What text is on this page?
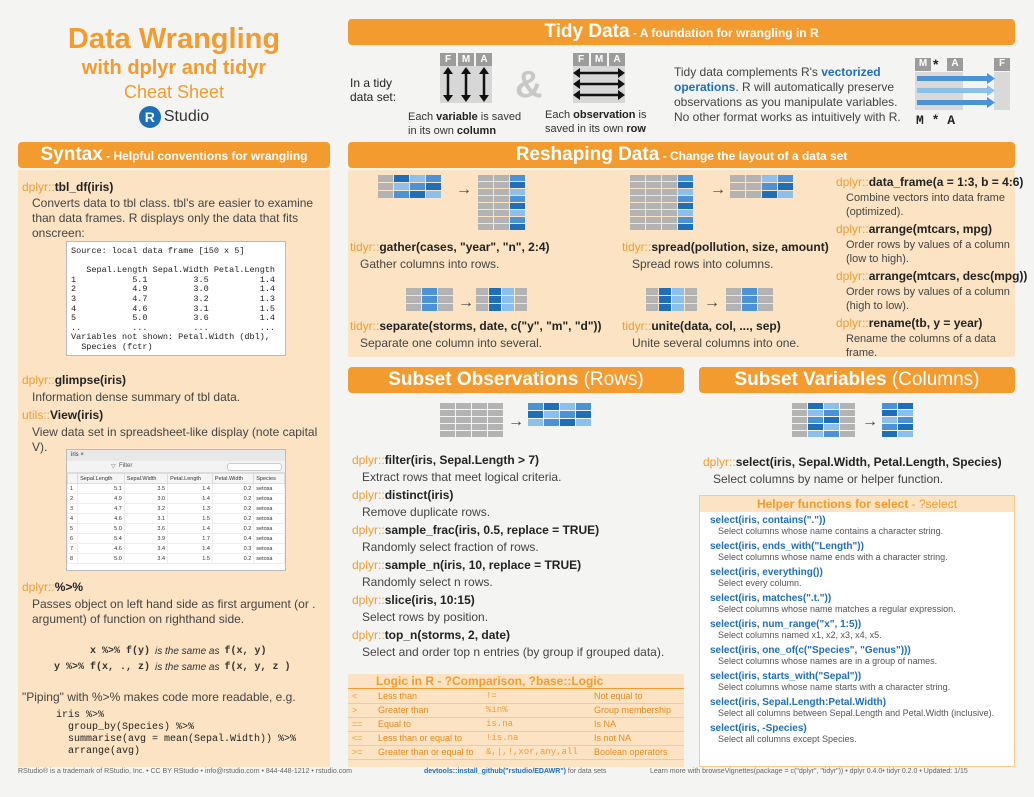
Data Wrangling
with dplyr and tidyr
Cheat Sheet
R Studio
Syntax - Helpful conventions for wrangling
dplyr::tbl_df(iris)
Converts data to tbl class. tbl's are easier to examine than data frames. R displays only the data that fits onscreen:
Source: local data frame [150 x 5]

Sepal.Length Sepal.Width Petal.Length
1           5.1         3.5          1.4
2           4.9         3.0          1.4
3           4.7         3.2          1.3
4           4.6         3.1          1.5
5           5.0         3.6          1.4
..          ...         ...          ...
Variables not shown: Petal.Width (dbl),
Species (fctr)
dplyr::glimpse(iris)
Information dense summary of tbl data.
utils::View(iris)
View data set in spreadsheet-like display (note capital V).
iris ×
▽ Filter
	Sepal.Length	Sepal.Width	Petal.Length	Petal.Width	Species
1	5.1	3.5	1.4	0.2	setosa
2	4.9	3.0	1.4	0.2	setosa
3	4.7	3.2	1.3	0.2	setosa
4	4.6	3.1	1.5	0.2	setosa
5	5.0	3.6	1.4	0.2	setosa
6	5.4	3.9	1.7	0.4	setosa
7	4.6	3.4	1.4	0.3	setosa
8	5.0	3.4	1.5	0.2	setosa
dplyr::%>%
Passes object on left hand side as first argument (or . argument) of function on righthand side.
x %>% f(y) is the same as f(x, y)
y %>% f(x, ., z) is the same as f(x, y, z )
"Piping" with %>% makes code more readable, e.g.
iris %>%
group_by(Species) %>%
summarise(avg = mean(Sepal.Width)) %>%
arrange(avg)
Tidy Data - A foundation for wrangling in R
In a tidy data set:
F	M	A
&
F	M	A
Each variable is saved in its own column
Each observation is saved in its own row
Tidy data complements R's vectorized operations. R will automatically preserve observations as you manipulate variables. No other format works as intuitively with R.
M *	A	F
M * A
Reshaping Data - Change the layout of a data set
→	→
→	→
tidyr::gather(cases, "year", "n", 2:4)
Gather columns into rows.
tidyr::spread(pollution, size, amount)
Spread rows into columns.
tidyr::separate(storms, date, c("y", "m", "d"))
Separate one column into several.
tidyr::unite(data, col, ..., sep)
Unite several columns into one.
dplyr::data_frame(a = 1:3, b = 4:6)
Combine vectors into data frame (optimized).
dplyr::arrange(mtcars, mpg)
Order rows by values of a column (low to high).
dplyr::arrange(mtcars, desc(mpg))
Order rows by values of a column (high to low).
dplyr::rename(tb, y = year)
Rename the columns of a data frame.
Subset Observations (Rows)
→
dplyr::filter(iris, Sepal.Length > 7)
Extract rows that meet logical criteria.
dplyr::distinct(iris)
Remove duplicate rows.
dplyr::sample_frac(iris, 0.5, replace = TRUE)
Randomly select fraction of rows.
dplyr::sample_n(iris, 10, replace = TRUE)
Randomly select n rows.
dplyr::slice(iris, 10:15)
Select rows by position.
dplyr::top_n(storms, 2, date)
Select and order top n entries (by group if grouped data).
Logic in R - ?Comparison, ?base::Logic
<	Less than	!=	Not equal to
>	Greater than	%in%	Group membership
==	Equal to	is.na	Is NA
<=	Less than or equal to	!is.na	Is not NA
>=	Greater than or equal to	&,|,!,xor,any,all	Boolean operators
Subset Variables (Columns)
→
dplyr::select(iris, Sepal.Width, Petal.Length, Species)
Select columns by name or helper function.
Helper functions for select - ?select
select(iris, contains("."))
Select columns whose name contains a character string.
select(iris, ends_with("Length"))
Select columns whose name ends with a character string.
select(iris, everything())
Select every column.
select(iris, matches(".t."))
Select columns whose name matches a regular expression.
select(iris, num_range("x", 1:5))
Select columns named x1, x2, x3, x4, x5.
select(iris, one_of(c("Species", "Genus")))
Select columns whose names are in a group of names.
select(iris, starts_with("Sepal"))
Select columns whose name starts with a character string.
select(iris, Sepal.Length:Petal.Width)
Select all columns between Sepal.Length and Petal.Width (inclusive).
select(iris, -Species)
Select all columns except Species.
RStudio® is a trademark of RStudio, Inc. • CC BY RStudio • info@rstudio.com • 844-448-1212 • rstudio.com	devtools::install_github("rstudio/EDAWR") for data sets	Learn more with browseVignettes(package = c("dplyr", "tidyr")) • dplyr 0.4.0• tidyr 0.2.0 • Updated: 1/15
